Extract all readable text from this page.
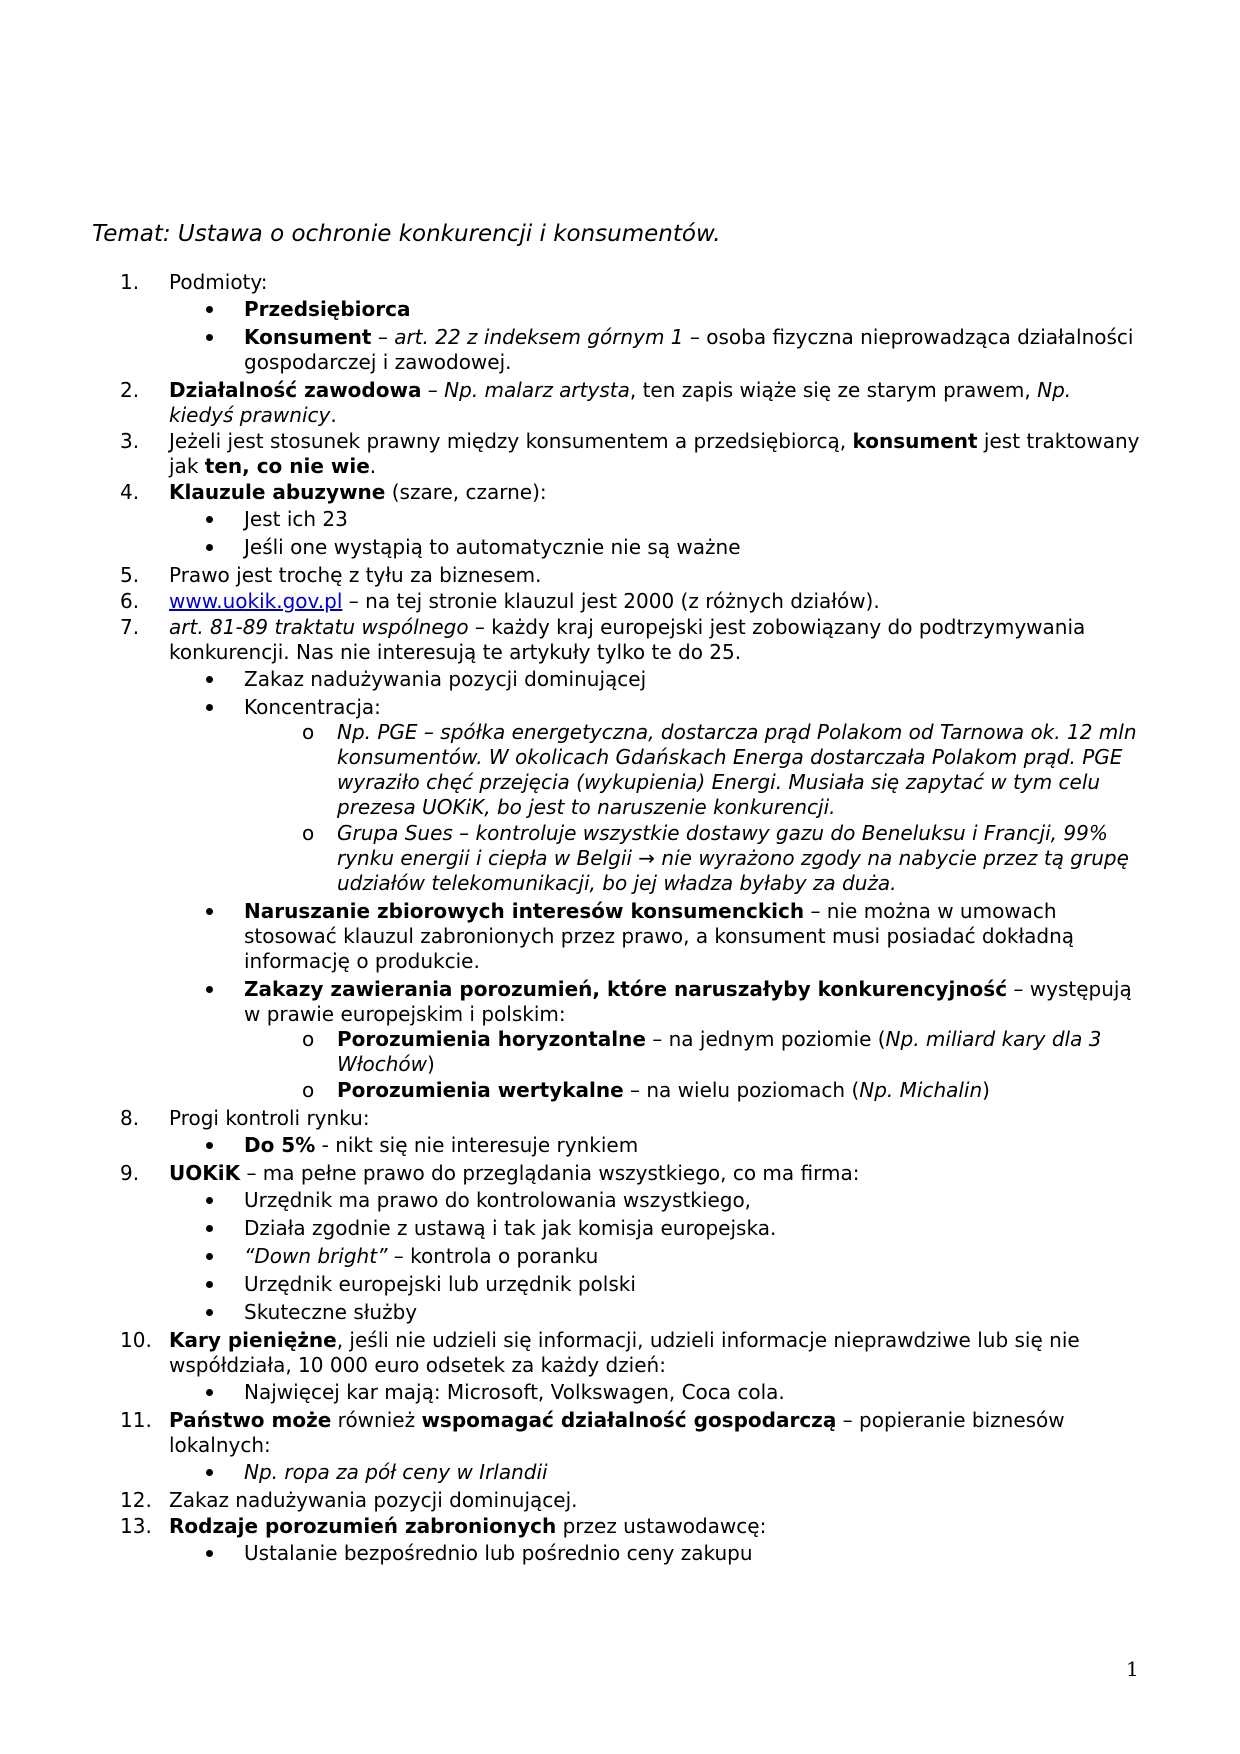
Temat: Ustawa o ochronie konkurencji i konsumentów.
1.	Podmioty:
Przedsiębiorca
Konsument – art. 22 z indeksem górnym 1 – osoba fizyczna nieprowadząca działalności gospodarczej i zawodowej.
2.	Działalność zawodowa – Np. malarz artysta, ten zapis wiąże się ze starym prawem, Np. kiedyś prawnicy.
3.	Jeżeli jest stosunek prawny między konsumentem a przedsiębiorcą, konsument jest traktowany jak ten, co nie wie.
4.	Klauzule abuzywne (szare, czarne):
Jest ich 23
Jeśli one wystąpią to automatycznie nie są ważne
5.	Prawo jest trochę z tyłu za biznesem.
6.	www.uokik.gov.pl – na tej stronie klauzul jest 2000 (z różnych działów).
7.	art. 81-89 traktatu wspólnego – każdy kraj europejski jest zobowiązany do podtrzymywania konkurencji. Nas nie interesują te artykuły tylko te do 25.
Zakaz nadużywania pozycji dominującej
Koncentracja:
o Np. PGE – spółka energetyczna, dostarcza prąd Polakom od Tarnowa ok. 12 mln konsumentów. W okolicach Gdańskach Energa dostarczała Polakom prąd. PGE wyraziło chęć przejęcia (wykupienia) Energi. Musiała się zapytać w tym celu prezesa UOKiK, bo jest to naruszenie konkurencji.
o Grupa Sues – kontroluje wszystkie dostawy gazu do Beneluksu i Francji, 99% rynku energii i ciepła w Belgii → nie wyrażono zgody na nabycie przez tą grupę udziałów telekomunikacji, bo jej władza byłaby za duża.
Naruszanie zbiorowych interesów konsumenckich – nie można w umowach stosować klauzul zabronionych przez prawo, a konsument musi posiadać dokładną informację o produkcie.
Zakazy zawierania porozumień, które naruszałyby konkurencyjność – występują w prawie europejskim i polskim:
o Porozumienia horyzontalne – na jednym poziomie (Np. miliard kary dla 3 Włochów)
o Porozumienia wertykalne – na wielu poziomach (Np. Michalin)
8.	Progi kontroli rynku:
Do 5% - nikt się nie interesuje rynkiem
9.	UOKiK – ma pełne prawo do przeglądania wszystkiego, co ma firma:
Urzędnik ma prawo do kontrolowania wszystkiego,
Działa zgodnie z ustawą i tak jak komisja europejska.
“Down bright” – kontrola o poranku
Urzędnik europejski lub urzędnik polski
Skuteczne służby
10. Kary pieniężne, jeśli nie udzieli się informacji, udzieli informacje nieprawdziwe lub się nie współdziała, 10 000 euro odsetek za każdy dzień:
Najwięcej kar mają: Microsoft, Volkswagen, Coca cola.
11. Państwo może również wspomagać działalność gospodarczą – popieranie biznesów lokalnych:
Np. ropa za pół ceny w Irlandii
12. Zakaz nadużywania pozycji dominującej.
13. Rodzaje porozumień zabronionych przez ustawodawcę:
Ustalanie bezpośrednio lub pośrednio ceny zakupu
1
